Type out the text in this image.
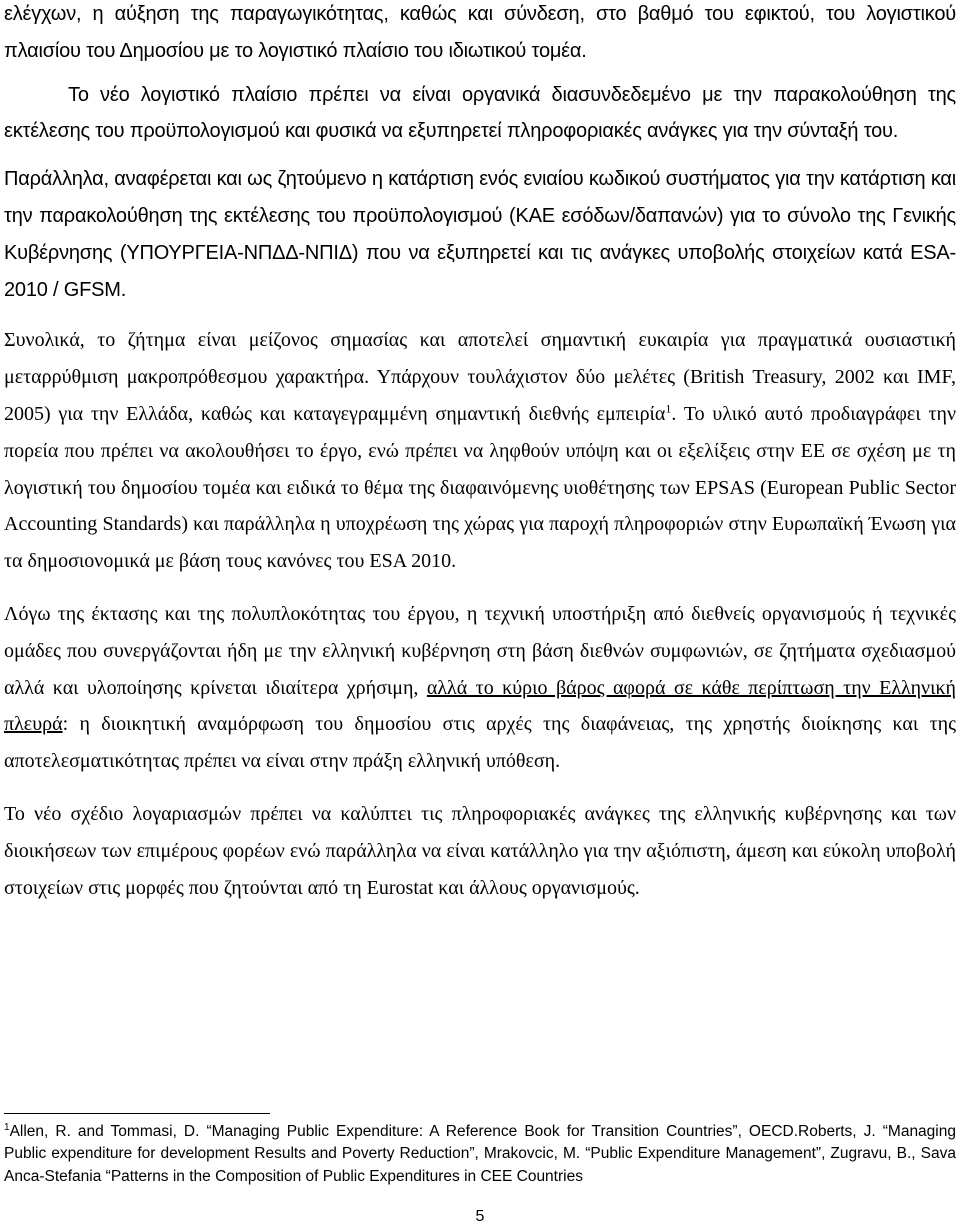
ελέγχων, η αύξηση της παραγωγικότητας, καθώς και σύνδεση, στο βαθμό του εφικτού, του λογιστικού πλαισίου του Δημοσίου με το λογιστικό πλαίσιο του ιδιωτικού τομέα.

Το νέο λογιστικό πλαίσιο πρέπει να είναι οργανικά διασυνδεδεμένο με την παρακολούθηση της εκτέλεσης του προϋπολογισμού και φυσικά να εξυπηρετεί πληροφοριακές ανάγκες για την σύνταξή του.

Παράλληλα, αναφέρεται και ως ζητούμενο η κατάρτιση ενός ενιαίου κωδικού συστήματος για την κατάρτιση και την παρακολούθηση της εκτέλεσης του προϋπολογισμού (ΚΑΕ εσόδων/δαπανών) για το σύνολο της Γενικής Κυβέρνησης (ΥΠΟΥΡΓΕΙΑ-ΝΠΔΔ-ΝΠΙΔ) που να εξυπηρετεί και τις ανάγκες υποβολής στοιχείων κατά ESA-2010 / GFSM.

Συνολικά, το ζήτημα είναι μείζονος σημασίας και αποτελεί σημαντική ευκαιρία για πραγματικά ουσιαστική μεταρρύθμιση μακροπρόθεσμου χαρακτήρα. Υπάρχουν τουλάχιστον δύο μελέτες (British Treasury, 2002 και IMF, 2005) για την Ελλάδα, καθώς και καταγεγραμμένη σημαντική διεθνής εμπειρία$^1$. Το υλικό αυτό προδιαγράφει την πορεία που πρέπει να ακολουθήσει το έργο, ενώ πρέπει να ληφθούν υπόψη και οι εξελίξεις στην ΕΕ σε σχέση με τη λογιστική του δημοσίου τομέα και ειδικά το θέμα της διαφαινόμενης υιοθέτησης των EPSAS (European Public Sector Accounting Standards) και παράλληλα η υποχρέωση της χώρας για παροχή πληροφοριών στην Ευρωπαϊκή Ένωση για τα δημοσιονομικά με βάση τους κανόνες του ESA 2010.

Λόγω της έκτασης και της πολυπλοκότητας του έργου, η τεχνική υποστήριξη από διεθνείς οργανισμούς ή τεχνικές ομάδες που συνεργάζονται ήδη με την ελληνική κυβέρνηση στη βάση διεθνών συμφωνιών, σε ζητήματα σχεδιασμού αλλά και υλοποίησης κρίνεται ιδιαίτερα χρήσιμη, αλλά το κύριο βάρος αφορά σε κάθε περίπτωση την Ελληνική πλευρά: η διοικητική αναμόρφωση του δημοσίου στις αρχές της διαφάνειας, της χρηστής διοίκησης και της αποτελεσματικότητας πρέπει να είναι στην πράξη ελληνική υπόθεση.

Το νέο σχέδιο λογαριασμών πρέπει να καλύπτει τις πληροφοριακές ανάγκες της ελληνικής κυβέρνησης και των διοικήσεων των επιμέρους φορέων ενώ παράλληλα να είναι κατάλληλο για την αξιόπιστη, άμεση και εύκολη υποβολή στοιχείων στις μορφές που ζητούνται από τη Eurostat και άλλους οργανισμούς.

$^1$Allen, R. and Tommasi, D. “Managing Public Expenditure: A Reference Book for Transition Countries”, OECD.Roberts, J. “Managing Public expenditure for development Results and Poverty Reduction”, Mrakovcic, M. “Public Expenditure Management”, Zugravu, B., Sava Anca-Stefania “Patterns in the Composition of Public Expenditures in CEE Countries

5
